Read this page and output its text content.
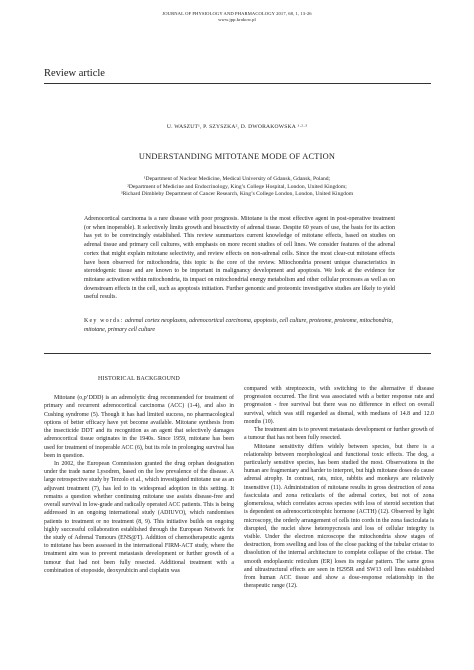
JOURNAL OF PHYSIOLOGY AND PHARMACOLOGY 2017, 68, 1, 13-26
www.jpp.krakow.pl
Review article
U. WASZUT¹, P. SZYSZKA², D. DWORAKOWSKA ¹·²·³
UNDERSTANDING MITOTANE MODE OF ACTION
¹Department of Nuclear Medicine, Medical University of Gdansk, Gdansk, Poland;
²Department of Medicine and Endocrinology, King’s College Hospital, London, United Kingdom;
³Richard Dimbleby Department of Cancer Research, King’s College London, London, United Kingdom
Adrenocortical carcinoma is a rare disease with poor prognosis. Mitotane is the most effective agent in post-operative treatment (or when inoperable). It selectively limits growth and bioactivity of adrenal tissue. Despite 60 years of use, the basis for its action has yet to be convincingly established. This review summarizes current knowledge of mitotane effects, based on studies on adrenal tissue and primary cell cultures, with emphasis on more recent studies of cell lines. We consider features of the adrenal cortex that might explain mitotane selectivity, and review effects on non-adrenal cells. Since the most clear-cut mitotane effects have been observed for mitochondria, this topic is the core of the review. Mitochondria present unique characteristics in steroidogenic tissue and are known to be important in malignancy development and apoptosis. We look at the evidence for mitotane activation within mitochondria, its impact on mitochondrial energy metabolism and other cellular processes as well as on downstream effects in the cell, such as apoptosis initiation. Further genomic and proteomic investigative studies are likely to yield useful results.
Key words: adrenal cortex neoplasms, adrenocortical carcinoma, apoptosis, cell culture, proteome, proteome, mitochondria, mitotane, primary cell culture
HISTORICAL BACKGROUND

Mitotane (o,p’DDD) is an adrenolytic drug recommended for treatment of primary and recurrent adrenocortical carcinoma (ACC) (1-4), and also in Cushing syndrome (5). Though it has had limited success, no pharmacological options of better efficacy have yet become available. Mitotane synthesis from the insecticide DDT and its recognition as an agent that selectively damages adrenocortical tissue originates in the 1940s. Since 1959, mitotane has been used for treatment of inoperable ACC (6), but its role in prolonging survival has been in question.

In 2002, the European Commission granted the drug orphan designation under the trade name Lysodren, based on the low prevalence of the disease. A large retrospective study by Terzolo et al., which investigated mitotane use as an adjuvant treatment (7), has led to its widespread adoption in this setting. It remains a question whether continuing mitotane use assists disease-free and overall survival in low-grade and radically operated ACC patients. This is being addressed in an ongoing international study (ADIUVO), which randomises patients to treatment or no treatment (8, 9). This initiative builds on ongoing highly successful collaboration established through the European Network for the study of Adrenal Tumours (ENS@T). Addition of chemotherapeutic agents to mitotane has been assessed in the international FIRM-ACT study, where the treatment aim was to prevent metastasis development or further growth of a tumour that had not been fully resected. Additional treatment with a combination of etoposide, deoxyrubicin and cisplatin was

compared with streptozocin, with switching to the alternative if disease progression occurred. The first was associated with a better response rate and progression - free survival but there was no difference in effect on overall survival, which was still regarded as dismal, with medians of 14.8 and 12.0 months (10).

The treatment aim is to prevent metastasis development or further growth of a tumour that has not been fully resected.

Mitotane sensitivity differs widely between species, but there is a relationship between morphological and functional toxic effects. The dog, a particularly sensitive species, has been studied the most. Observations in the human are fragmentary and harder to interpret, but high mitotane doses do cause adrenal atrophy. In contrast, rats, mice, rabbits and monkeys are relatively insensitive (11). Administration of mitotane results in gross destruction of zona fasciculata and zona reticularis of the adrenal cortex, but not of zona glomerulosa, which correlates across species with loss of steroid secretion that is dependent on adrenocorticotrophic hormone (ACTH) (12). Observed by light microscopy, the orderly arrangement of cells into cords in the zona fasciculata is disrupted, the nuclei show heteropycnosis and loss of cellular integrity is visible. Under the electron microscope the mitochondria show stages of destruction, from swelling and loss of the close packing of the tubular cristae to dissolution of the internal architecture to complete collapse of the cristae. The smooth endoplasmic reticulum (ER) loses its regular pattern. The same gross and ultrastructural effects are seen in H295R and SW13 cell lines established from human ACC tissue and show a dose-response relationship in the therapeutic range (12).
